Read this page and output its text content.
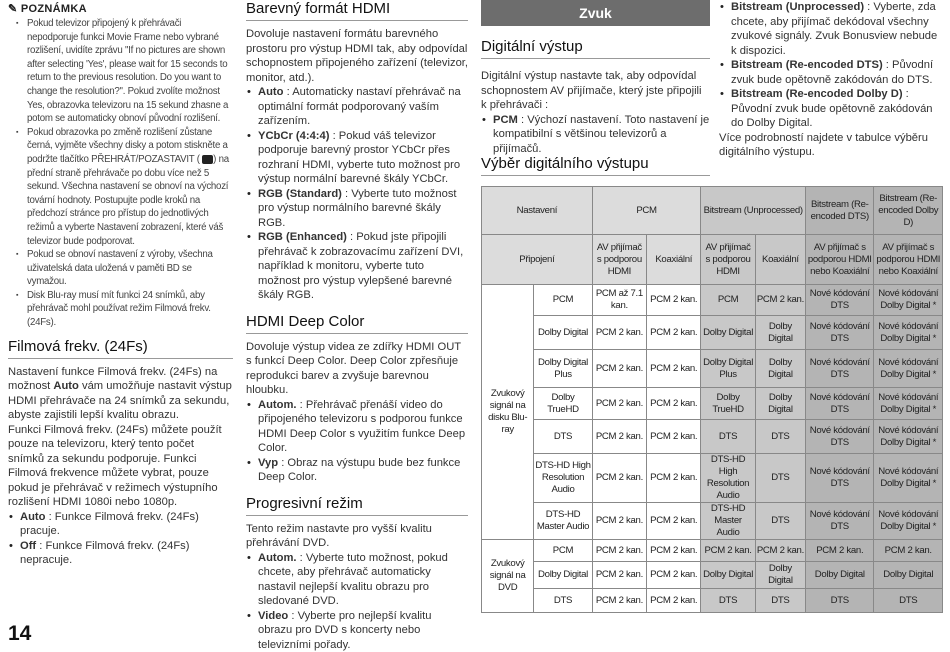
✎ POZNÁMKA
▪ Pokud televizor připojený k přehrávači nepodporuje funkci Movie Frame nebo vybrané rozlišení, uvidíte zprávu "If no pictures are shown after selecting 'Yes', please wait for 15 seconds to return to the previous resolution. Do you want to change the resolution?". Pokud zvolíte možnost Yes, obrazovka televizoru na 15 sekund zhasne a potom se automaticky obnoví původní rozlišení.
▪ Pokud obrazovka po změně rozlišení zůstane černá, vyjměte všechny disky a potom stiskněte a podržte tlačítko PŘEHRÁT/POZASTAVIT ( ) na přední straně přehrávače po dobu více než 5 sekund. Všechna nastavení se obnoví na výchozí tovární hodnoty. Postupujte podle kroků na předchozí stránce pro přístup do jednotlivých režimů a vyberte Nastavení zobrazení, které váš televizor bude podporovat.
▪ Pokud se obnoví nastavení z výroby, všechna uživatelská data uložená v paměti BD se vymažou.
▪ Disk Blu-ray musí mít funkci 24 snímků, aby přehrávač mohl používat režim Filmová frekv. (24Fs).
Filmová frekv. (24Fs)
Nastavení funkce Filmová frekv. (24Fs) na možnost Auto vám umožňuje nastavit výstup HDMI přehrávače na 24 snímků za sekundu, abyste zajistili lepší kvalitu obrazu.
Funkci Filmová frekv. (24Fs) můžete použít pouze na televizoru, který tento počet snímků za sekundu podporuje. Funkci Filmová frekvence můžete vybrat, pouze pokud je přehrávač v režimech výstupního rozlišení HDMI 1080i nebo 1080p.
• Auto : Funkce Filmová frekv. (24Fs) pracuje.
• Off : Funkce Filmová frekv. (24Fs) nepracuje.
14
Barevný formát HDMI
Dovoluje nastavení formátu barevného prostoru pro výstup HDMI tak, aby odpovídal schopnostem připojeného zařízení (televizor, monitor, atd.).
• Auto : Automaticky nastaví přehrávač na optimální formát podporovaný vaším zařízením.
• YCbCr (4:4:4) : Pokud váš televizor podporuje barevný prostor YCbCr přes rozhraní HDMI, vyberte tuto možnost pro výstup normální barevné škály YCbCr.
• RGB (Standard) : Vyberte tuto možnost pro výstup normálního barevné škály RGB.
• RGB (Enhanced) : Pokud jste připojili přehrávač k zobrazovacímu zařízení DVI, například k monitoru, vyberte tuto možnost pro výstup vylepšené barevné škály RGB.
HDMI Deep Color
Dovoluje výstup videa ze zdířky HDMI OUT s funkcí Deep Color. Deep Color zpřesňuje reprodukci barev a zvyšuje barevnou hloubku.
• Autom. : Přehrávač přenáší video do připojeného televizoru s podporou funkce HDMI Deep Color s využitím funkce Deep Color.
• Vyp : Obraz na výstupu bude bez funkce Deep Color.
Progresivní režim
Tento režim nastavte pro vyšší kvalitu přehrávání DVD.
• Autom. : Vyberte tuto možnost, pokud chcete, aby přehrávač automaticky nastavil nejlepší kvalitu obrazu pro sledované DVD.
• Video : Vyberte pro nejlepší kvalitu obrazu pro DVD s koncerty nebo televizními pořady.
Zvuk
Digitální výstup
Digitální výstup nastavte tak, aby odpovídal schopnostem AV přijímače, který jste připojili k přehrávači :
• PCM : Výchozí nastavení. Toto nastavení je kompatibilní s většinou televizorů a přijímačů.
• Bitstream (Unprocessed) : Vyberte, zda chcete, aby přijímač dekódoval všechny zvukové signály. Zvuk Bonusview nebude k dispozici.
• Bitstream (Re-encoded DTS) : Původní zvuk bude opětovně zakódován do DTS.
• Bitstream (Re-encoded Dolby D) : Původní zvuk bude opětovně zakódován do Dolby Digital.
Více podrobností najdete v tabulce výběru digitálního výstupu.
Výběr digitálního výstupu
Nastavení		PCM		Bitstream (Unprocessed)		Bitstream (Re-encoded DTS)	Bitstream (Re-encoded Dolby D)
Připojení		AV přijímač s podporou HDMI	Koaxiální	AV přijímač s podporou HDMI	Koaxiální	AV přijímač s podporou HDMI nebo Koaxiální	AV přijímač s podporou HDMI nebo Koaxiální
Zvukový signál na disku Blu-ray	PCM	PCM až 7.1 kan.	PCM 2 kan.	PCM	PCM 2 kan.	Nové kódování DTS	Nové kódování Dolby Digital *
	Dolby Digital	PCM 2 kan.	PCM 2 kan.	Dolby Digital	Dolby Digital	Nové kódování DTS	Nové kódování Dolby Digital *
	Dolby Digital Plus	PCM 2 kan.	PCM 2 kan.	Dolby Digital Plus	Dolby Digital	Nové kódování DTS	Nové kódování Dolby Digital *
	Dolby TrueHD	PCM 2 kan.	PCM 2 kan.	Dolby TrueHD	Dolby Digital	Nové kódování DTS	Nové kódování Dolby Digital *
	DTS	PCM 2 kan.	PCM 2 kan.	DTS	DTS	Nové kódování DTS	Nové kódování Dolby Digital *
	DTS-HD High Resolution Audio	PCM 2 kan.	PCM 2 kan.	DTS-HD High Resolution Audio	DTS	Nové kódování DTS	Nové kódování Dolby Digital *
	DTS-HD Master Audio	PCM 2 kan.	PCM 2 kan.	DTS-HD Master Audio	DTS	Nové kódování DTS	Nové kódování Dolby Digital *
Zvukový signál na DVD	PCM	PCM 2 kan.	PCM 2 kan.	PCM 2 kan.	PCM 2 kan.	PCM 2 kan.	PCM 2 kan.
	Dolby Digital	PCM 2 kan.	PCM 2 kan.	Dolby Digital	Dolby Digital	Dolby Digital	Dolby Digital
	DTS	PCM 2 kan.	PCM 2 kan.	DTS	DTS	DTS	DTS
